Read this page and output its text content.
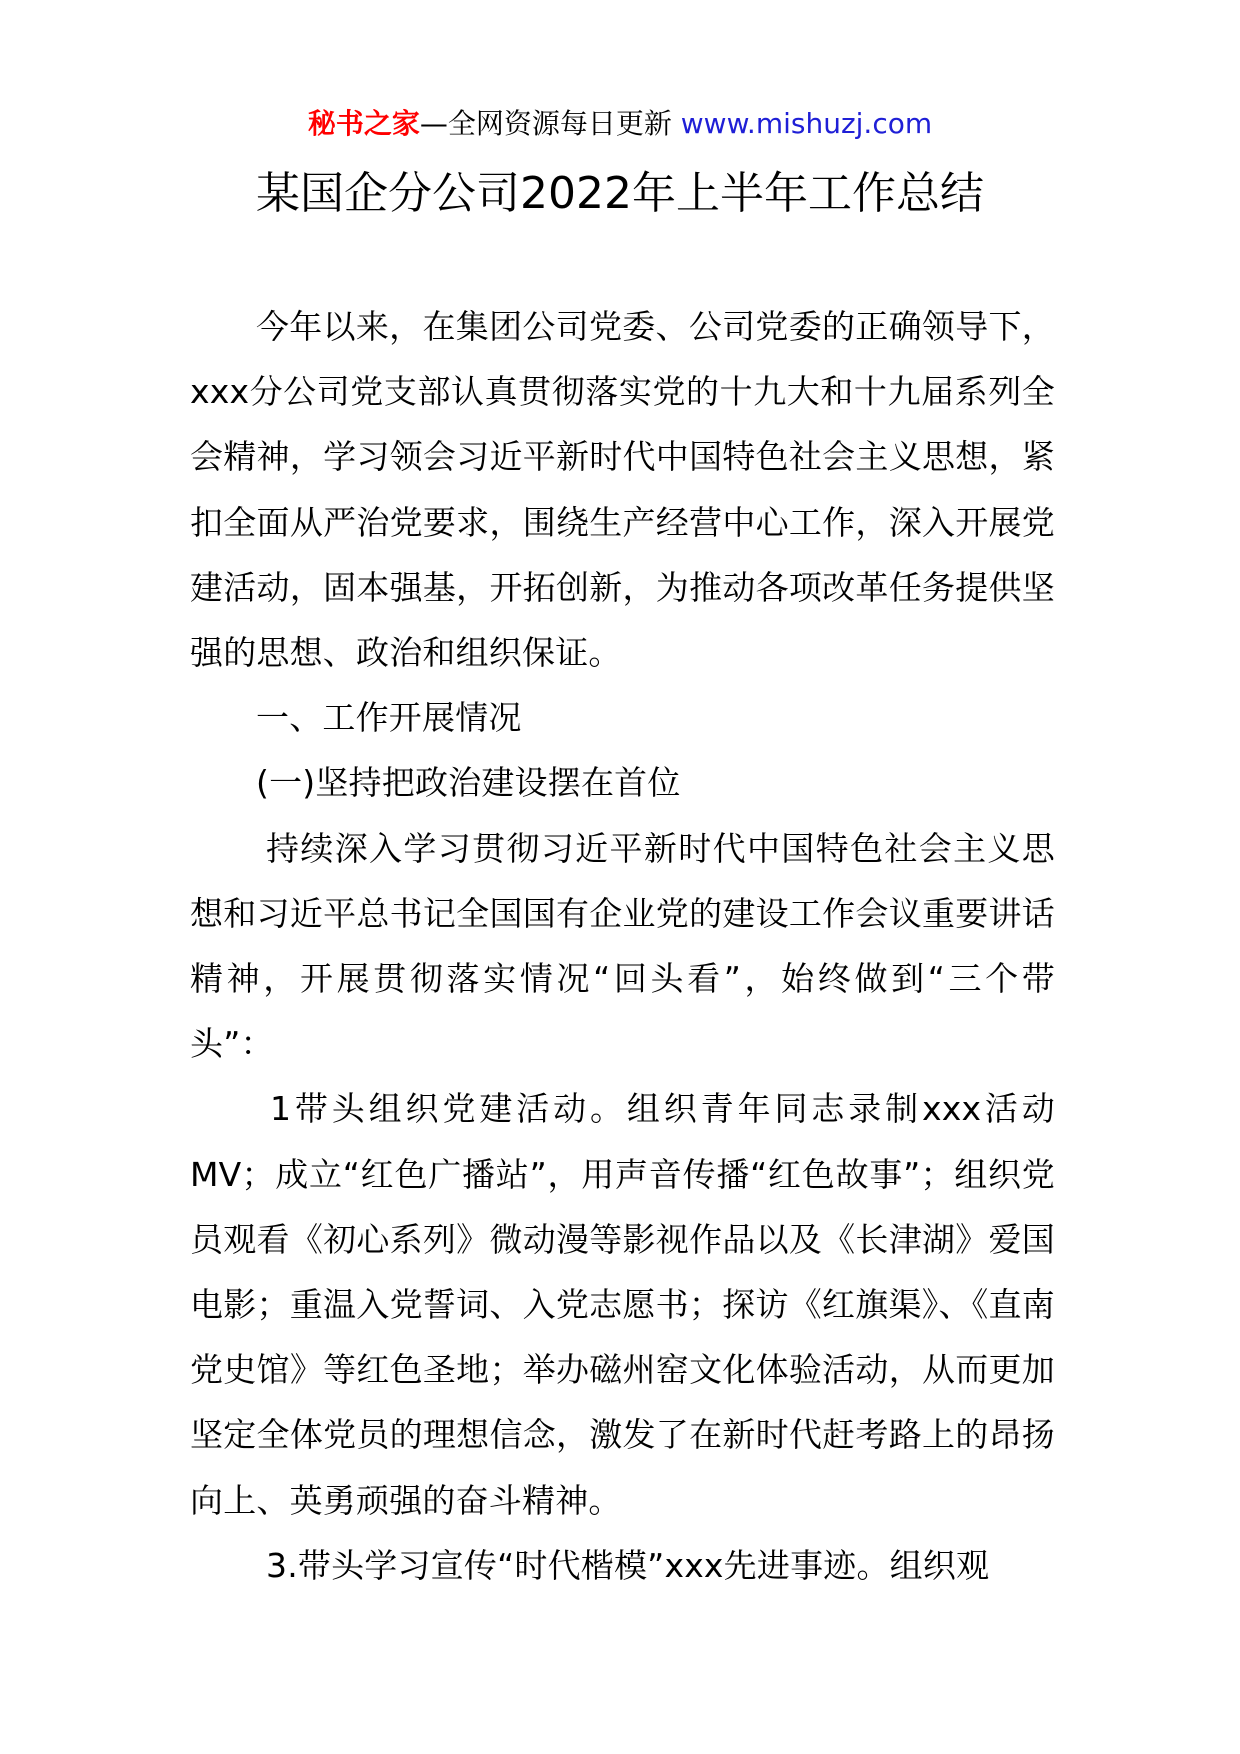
秘书之家—全网资源每日更新 www.mishuzj.com
某国企分公司2022年上半年工作总结

今年以来，在集团公司党委、公司党委的正确领导下，xxx分公司党支部认真贯彻落实党的十九大和十九届系列全会精神，学习领会习近平新时代中国特色社会主义思想，紧扣全面从严治党要求，围绕生产经营中心工作，深入开展党建活动，固本强基，开拓创新，为推动各项改革任务提供坚强的思想、政治和组织保证。

一、工作开展情况

(一)坚持把政治建设摆在首位

持续深入学习贯彻习近平新时代中国特色社会主义思想和习近平总书记全国国有企业党的建设工作会议重要讲话精神，开展贯彻落实情况“回头看”，始终做到“三个带头”：

1带头组织党建活动。组织青年同志录制xxx活动MV；成立“红色广播站”，用声音传播“红色故事”；组织党员观看《初心系列》微动漫等影视作品以及《长津湖》爱国电影；重温入党誓词、入党志愿书；探访《红旗渠》、《直南党史馆》等红色圣地；举办磁州窑文化体验活动，从而更加坚定全体党员的理想信念，激发了在新时代赶考路上的昂扬向上、英勇顽强的奋斗精神。

3.带头学习宣传“时代楷模”xxx先进事迹。组织观
